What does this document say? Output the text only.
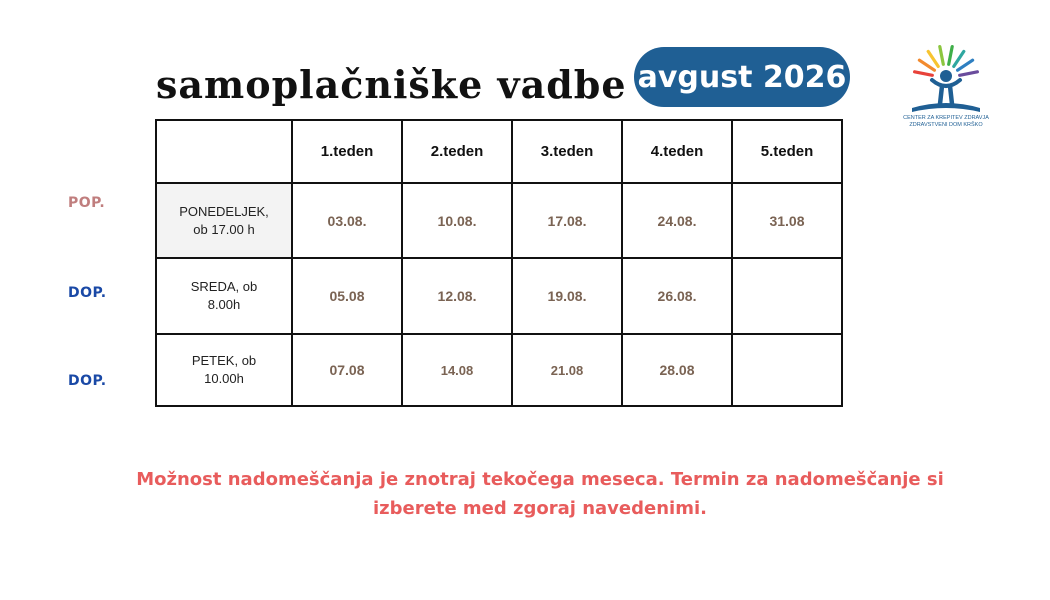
samoplačniške vadbe avgust 2026
CENTER ZA KREPITEV ZDRAVJA
ZDRAVSTVENI DOM KRŠKO
POP.
DOP.
DOP.
	1.teden	2.teden	3.teden	4.teden	5.teden
PONEDELJEK, ob 17.00 h	03.08.	10.08.	17.08.	24.08.	31.08
SREDA, ob 8.00h	05.08	12.08.	19.08.	26.08.	
PETEK, ob 10.00h	07.08	14.08	21.08	28.08	
Možnost nadomeščanja je znotraj tekočega meseca. Termin za nadomeščanje si izberete med zgoraj navedenimi.
